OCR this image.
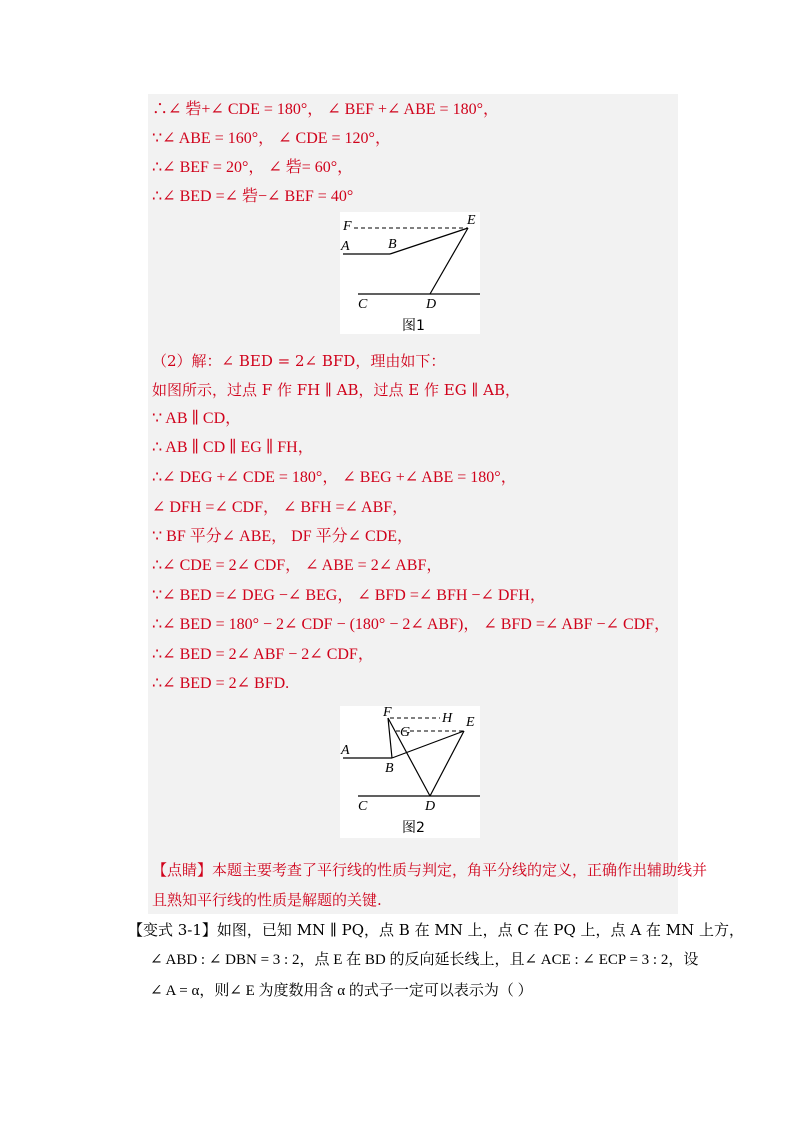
∴∠ 砦+∠ CDE = 180°， ∠ BEF +∠ ABE = 180°，
∵∠ ABE = 160°， ∠ CDE = 120°，
∴∠ BEF = 20°， ∠ 砦= 60°，
∴∠ BED =∠ 砦−∠ BEF = 40°
F	E
A	B
C	D
图1
（2）解：∠ BED = 2∠ BFD，理由如下：
如图所示，过点 F 作 FH ∥ AB，过点 E 作 EG ∥ AB，
∵ AB ∥ CD，
∴ AB ∥ CD ∥ EG ∥ FH，
∴∠ DEG +∠ CDE = 180°， ∠ BEG +∠ ABE = 180°，
∠ DFH =∠ CDF， ∠ BFH =∠ ABF，
∵ BF 平分∠ ABE， DF 平分∠ CDE，
∴∠ CDE = 2∠ CDF， ∠ ABE = 2∠ ABF，
∵∠ BED =∠ DEG −∠ BEG， ∠ BFD =∠ BFH −∠ DFH，
∴∠ BED = 180° − 2∠ CDF − (180° − 2∠ ABF)， ∠ BFD =∠ ABF −∠ CDF，
∴∠ BED = 2∠ ABF − 2∠ CDF，
∴∠ BED = 2∠ BFD.
F	H
G
E
A
B
C	D
图2
【点睛】本题主要考查了平行线的性质与判定，角平分线的定义，正确作出辅助线并
且熟知平行线的性质是解题的关键.
【变式 3-1】如图，已知 MN ∥ PQ，点 B 在 MN 上，点 C 在 PQ 上，点 A 在 MN 上方，
∠ ABD : ∠ DBN = 3 : 2，点 E 在 BD 的反向延长线上，且∠ ACE : ∠ ECP = 3 : 2，设
∠ A = α，则∠ E 为度数用含 α 的式子一定可以表示为（ ）
